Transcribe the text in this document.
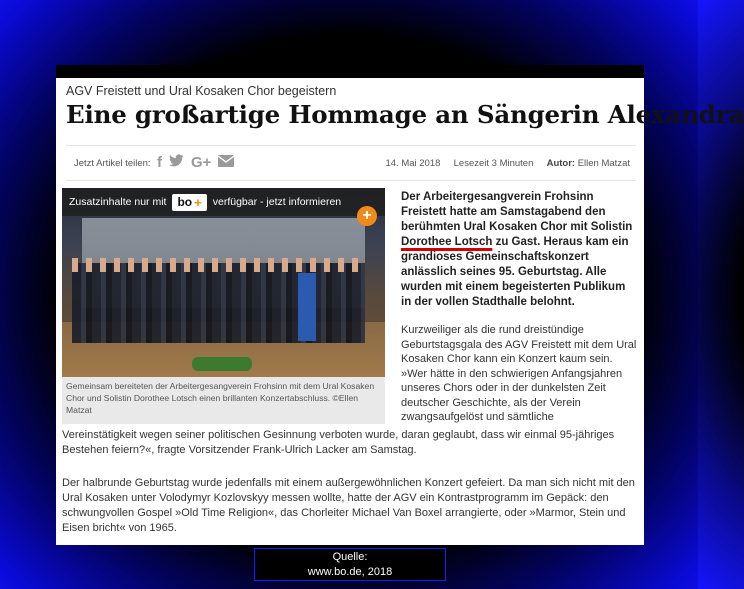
AGV Freistett und Ural Kosaken Chor begeistern
Eine großartige Hommage an Sängerin Alexandra
Jetzt Artikel teilen: f G+	14. Mai 2018 Lesezeit 3 Minuten Autor: Ellen Matzat
Zusatzinhalte nur mit bo + verfügbar - jetzt informieren
+
Gemeinsam bereiteten der Arbeitergesangverein Frohsinn mit dem Ural Kosaken Chor und Solistin Dorothee Lotsch einen brillanten Konzertabschluss. ©Ellen Matzat

Der Arbeitergesangverein Frohsinn Freistett hatte am Samstagabend den berühmten Ural Kosaken Chor mit Solistin Dorothee Lotsch zu Gast. Heraus kam ein grandioses Gemeinschaftskonzert anlässlich seines 95. Geburtstag. Alle wurden mit einem begeisterten Publikum in der vollen Stadthalle belohnt.

Kurzweiliger als die rund dreistündige Geburtstagsgala des AGV Freistett mit dem Ural Kosaken Chor kann ein Konzert kaum sein. »Wer hätte in den schwierigen Anfangsjahren unseres Chors oder in der dunkelsten Zeit deutscher Geschichte, als der Verein zwangsaufgelöst und sämtliche

Vereinstätigkeit wegen seiner politischen Gesinnung verboten wurde, daran geglaubt, dass wir einmal 95-jähriges Bestehen feiern?«, fragte Vorsitzender Frank-Ulrich Lacker am Samstag.

Der halbrunde Geburtstag wurde jedenfalls mit einem außergewöhnlichen Konzert gefeiert. Da man sich nicht mit den Ural Kosaken unter Volodymyr Kozlovskyy messen wollte, hatte der AGV ein Kontrastprogramm im Gepäck: den schwungvollen Gospel »Old Time Religion«, das Chorleiter Michael Van Boxel arrangierte, oder »Marmor, Stein und Eisen bricht« von 1965.

Quelle:
www.bo.de, 2018
